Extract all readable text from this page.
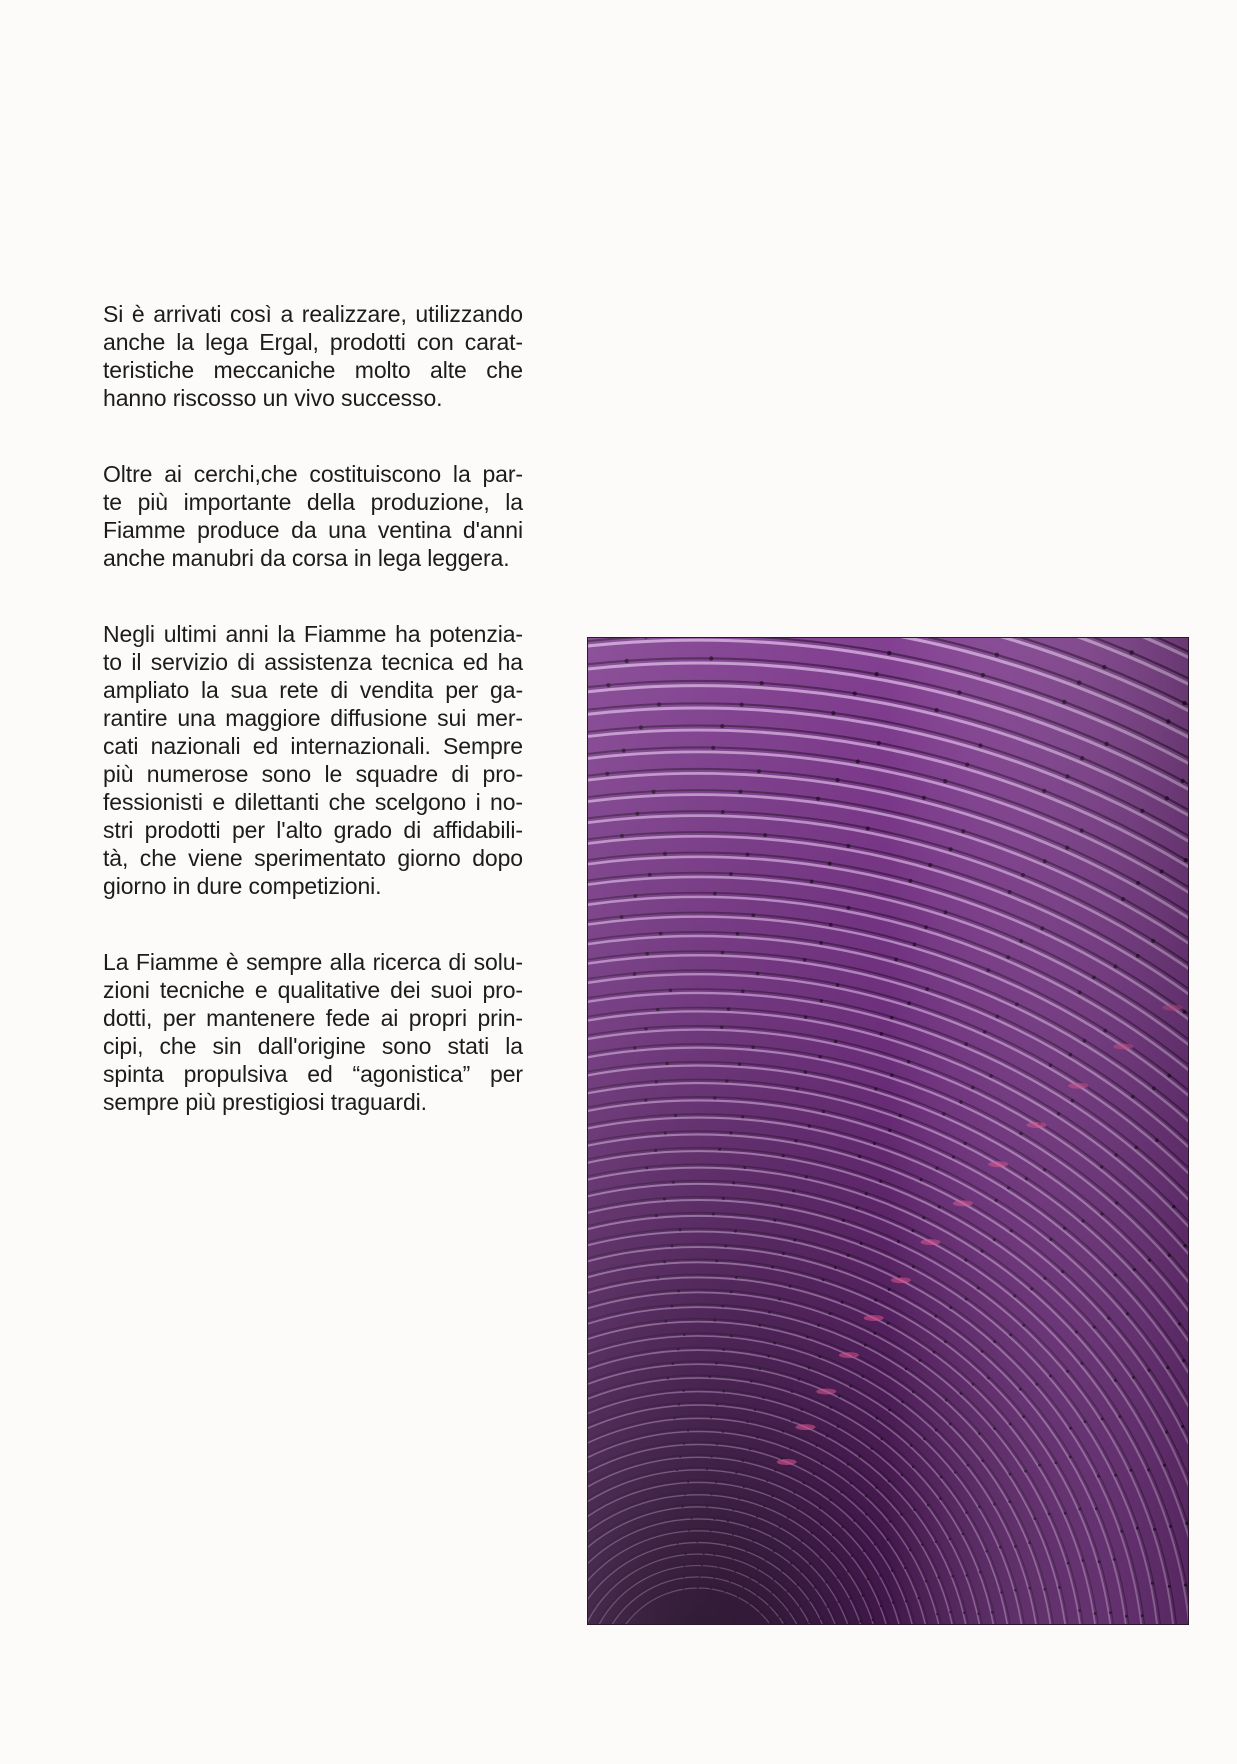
Si è arrivati così a realizzare, utilizzando
anche la lega Ergal, prodotti con carat-
teristiche meccaniche molto alte che
hanno riscosso un vivo successo.

Oltre ai cerchi,che costituiscono la par-
te più importante della produzione, la
Fiamme produce da una ventina d'anni
anche manubri da corsa in lega leggera.

Negli ultimi anni la Fiamme ha potenzia-
to il servizio di assistenza tecnica ed ha
ampliato la sua rete di vendita per ga-
rantire una maggiore diffusione sui mer-
cati nazionali ed internazionali. Sempre
più numerose sono le squadre di pro-
fessionisti e dilettanti che scelgono i no-
stri prodotti per l'alto grado di affidabili-
tà, che viene sperimentato giorno dopo
giorno in dure competizioni.

La Fiamme è sempre alla ricerca di solu-
zioni tecniche e qualitative dei suoi pro-
dotti, per mantenere fede ai propri prin-
cipi, che sin dall'origine sono stati la
spinta propulsiva ed “agonistica” per
sempre più prestigiosi traguardi.
